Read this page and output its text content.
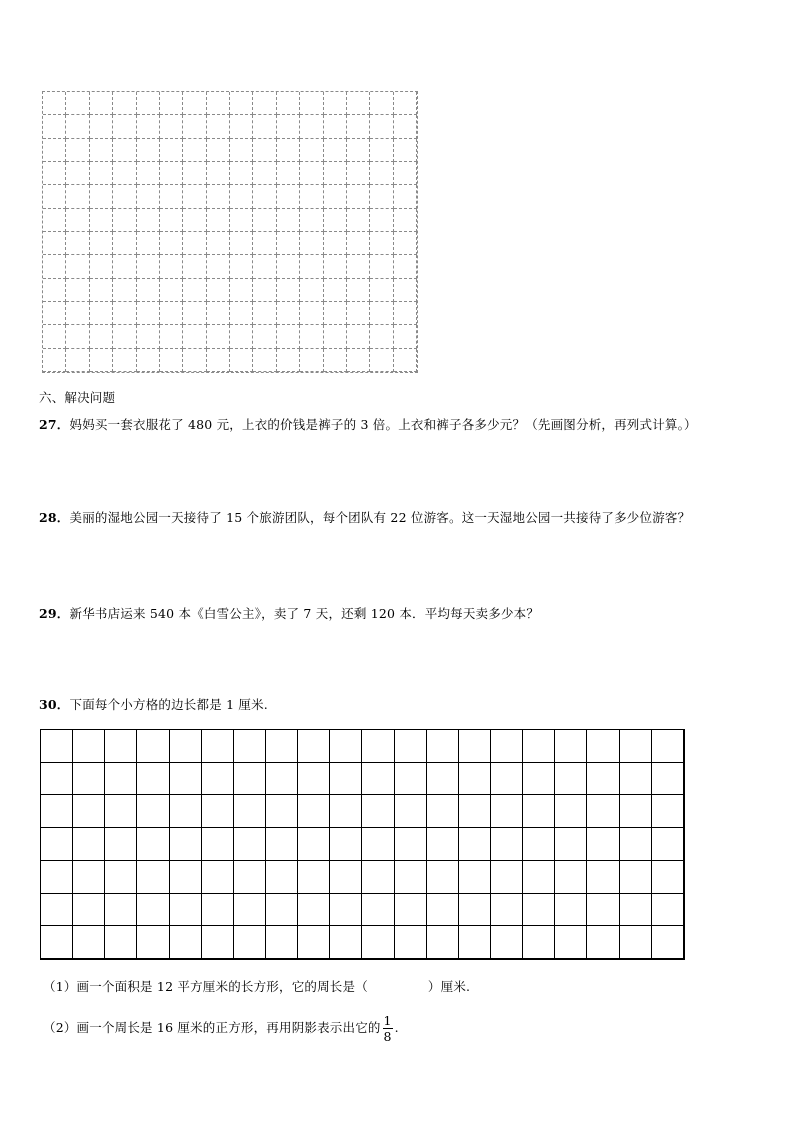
六、解决问题
27．妈妈买一套衣服花了 480 元，上衣的价钱是裤子的 3 倍。上衣和裤子各多少元？（先画图分析，再列式计算。）
28．美丽的湿地公园一天接待了 15 个旅游团队，每个团队有 22 位游客。这一天湿地公园一共接待了多少位游客？
29．新华书店运来 540 本《白雪公主》，卖了 7 天，还剩 120 本．平均每天卖多少本？
30．下面每个小方格的边长都是 1 厘米.
（1）画一个面积是 12 平方厘米的长方形，它的周长是（	）厘米.
（2）画一个周长是 16 厘米的正方形，再用阴影表示出它的 $\frac{1}{8}$ .
